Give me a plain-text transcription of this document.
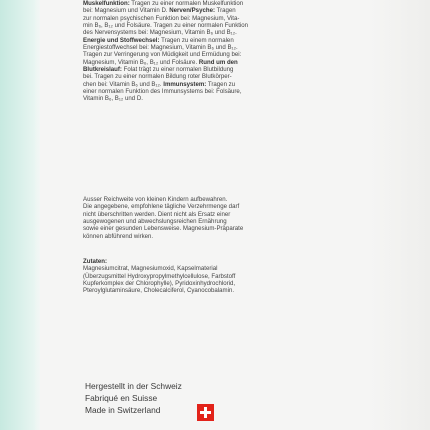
Muskelfunktion: Tragen zu einer normalen Muskelfunktion

bei: Magnesium und Vitamin D. Nerven/Psyche: Tragen

zur normalen psychischen Funktion bei: Magnesium, Vita-

min B₆, B₁₂ und Folsäure. Tragen zu einer normalen Funktion

des Nervensystems bei: Magnesium, Vitamin B₆ und B₁₂.

Energie und Stoffwechsel: Tragen zu einem normalen

Energiestoffwechsel bei: Magnesium, Vitamin B₆ und B₁₂.

Tragen zur Verringerung von Müdigkeit und Ermüdung bei:

Magnesium, Vitamin B₆, B₁₂ und Folsäure. Rund um den

Blutkreislauf: Folat trägt zu einer normalen Blutbildung

bei. Tragen zu einer normalen Bildung roter Blutkörper-

chen bei: Vitamin B₆ und B₁₂. Immunsystem: Tragen zu

einer normalen Funktion des Immunsystems bei: Folsäure,

Vitamin B₆, B₁₂ und D.

Ausser Reichweite von kleinen Kindern aufbewahren.

Die angegebene, empfohlene tägliche Verzehrmenge darf

nicht überschritten werden. Dient nicht als Ersatz einer

ausgewogenen und abwechslungsreichen Ernährung

sowie einer gesunden Lebensweise. Magnesium-Präparate

können abführend wirken.

Zutaten:

Magnesiumcitrat, Magnesiumoxid, Kapselmaterial

(Überzugsmittel Hydroxypropylmethylcellulose, Farbstoff

Kupferkomplex der Chlorophylle), Pyridoxinhydrochlorid,

Pteroylglutaminsäure, Cholecalciferol, Cyanocobalamin.

Hergestellt in der Schweiz

Fabriqué en Suisse

Made in Switzerland
